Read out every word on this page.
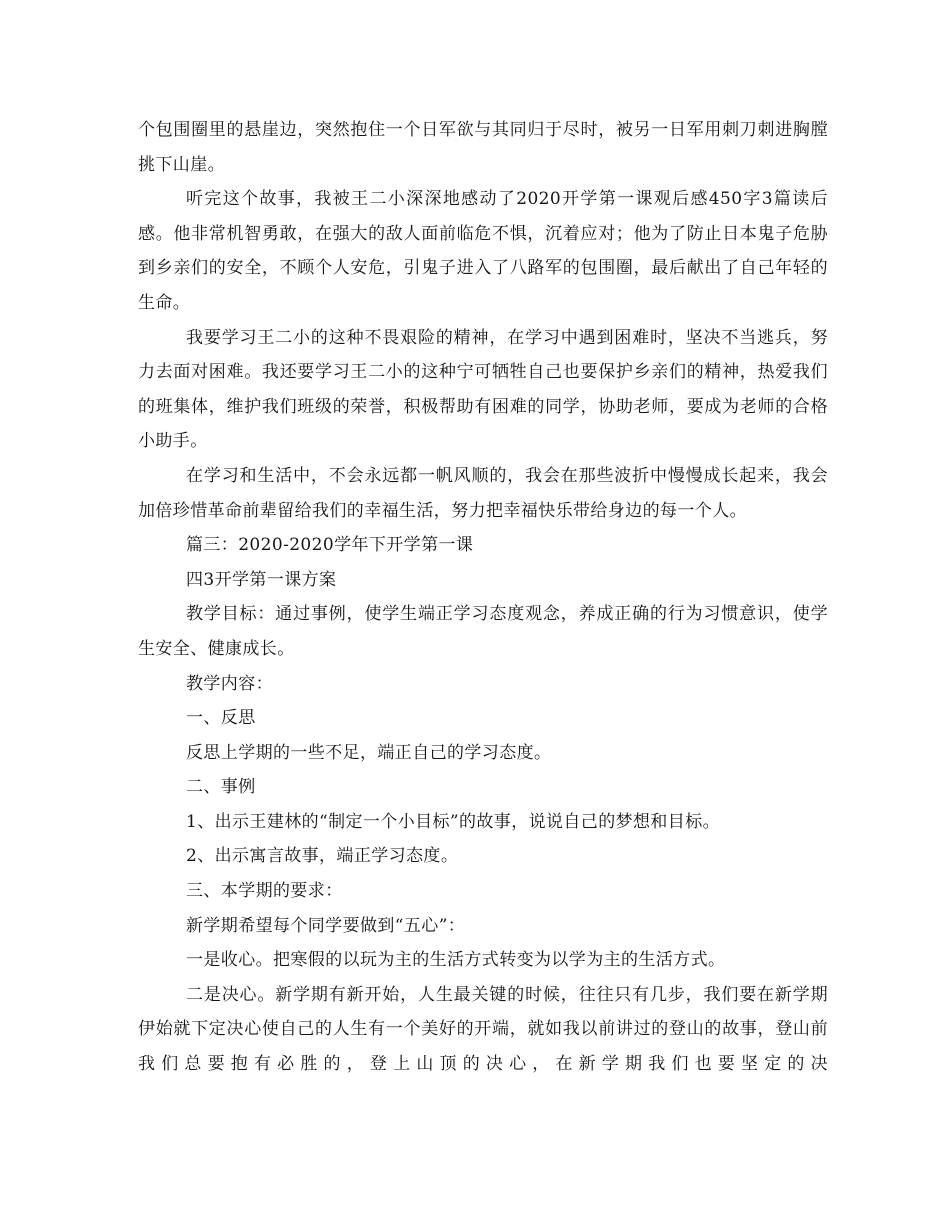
个包围圈里的悬崖边，突然抱住一个日军欲与其同归于尽时，被另一日军用刺刀刺进胸膛挑下山崖。

听完这个故事，我被王二小深深地感动了2020开学第一课观后感450字3篇读后感。他非常机智勇敢，在强大的敌人面前临危不惧，沉着应对；他为了防止日本鬼子危胁到乡亲们的安全，不顾个人安危，引鬼子进入了八路军的包围圈，最后献出了自己年轻的生命。

我要学习王二小的这种不畏艰险的精神，在学习中遇到困难时，坚决不当逃兵，努力去面对困难。我还要学习王二小的这种宁可牺牲自己也要保护乡亲们的精神，热爱我们的班集体，维护我们班级的荣誉，积极帮助有困难的同学，协助老师，要成为老师的合格小助手。

在学习和生活中，不会永远都一帆风顺的，我会在那些波折中慢慢成长起来，我会加倍珍惜革命前辈留给我们的幸福生活，努力把幸福快乐带给身边的每一个人。

篇三：2020-2020学年下开学第一课

四3开学第一课方案

教学目标：通过事例，使学生端正学习态度观念，养成正确的行为习惯意识，使学生安全、健康成长。

教学内容：

一、反思

反思上学期的一些不足，端正自己的学习态度。

二、事例

1、出示王建林的“制定一个小目标”的故事，说说自己的梦想和目标。

2、出示寓言故事，端正学习态度。

三、本学期的要求：

新学期希望每个同学要做到“五心”：

一是收心。把寒假的以玩为主的生活方式转变为以学为主的生活方式。

二是决心。新学期有新开始，人生最关键的时候，往往只有几步，我们要在新学期伊始就下定决心使自己的人生有一个美好的开端，就如我以前讲过的登山的故事，登山前我们总要抱有必胜的，登上山顶的决心，在新学期我们也要坚定的决
